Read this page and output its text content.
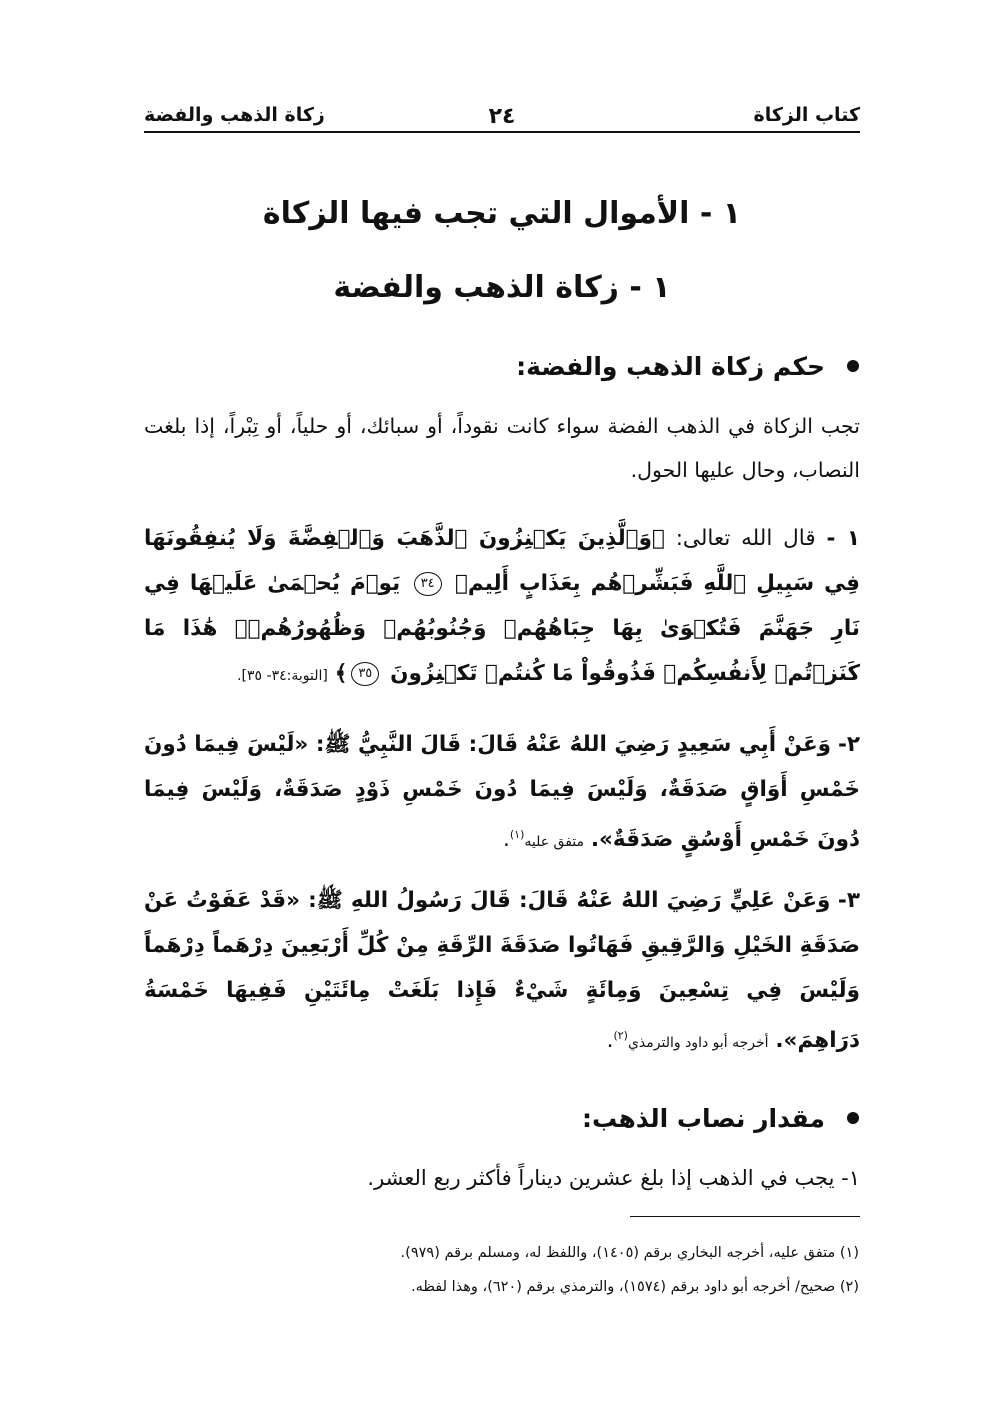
كتاب الزكاة
٢٤
زكاة الذهب والفضة
١ - الأموال التي تجب فيها الزكاة
١ - زكاة الذهب والفضة
حكم زكاة الذهب والفضة:
تجب الزكاة في الذهب الفضة سواء كانت نقوداً، أو سبائك، أو حلياً، أو تِبْراً، إذا بلغت النصاب، وحال عليها الحول.
١ - قال الله تعالى: ﴿وَٱلَّذِينَ يَكۡنِزُونَ ٱلذَّهَبَ وَٱلۡفِضَّةَ وَلَا يُنفِقُونَهَا فِي سَبِيلِ ٱللَّهِ فَبَشِّرۡهُم بِعَذَابٍ أَلِيمٖ ٣٤ يَوۡمَ يُحۡمَىٰ عَلَيۡهَا فِي نَارِ جَهَنَّمَ فَتُكۡوَىٰ بِهَا جِبَاهُهُمۡ وَجُنُوبُهُمۡ وَظُهُورُهُمۡۖ هَٰذَا مَا كَنَزۡتُمۡ لِأَنفُسِكُمۡ فَذُوقُواْ مَا كُنتُمۡ تَكۡنِزُونَ ٣٥﴾ [التوبة:٣٤- ٣٥].
٢- وَعَنْ أَبِي سَعِيدٍ رَضِيَ اللهُ عَنْهُ قَالَ: قَالَ النَّبِيُّ ﷺ: «لَيْسَ فِيمَا دُونَ خَمْسِ أَوَاقٍ صَدَقَةٌ، وَلَيْسَ فِيمَا دُونَ خَمْسِ ذَوْدٍ صَدَقَةٌ، وَلَيْسَ فِيمَا دُونَ خَمْسِ أَوْسُقٍ صَدَقَةٌ». متفق عليه$^{(١)}$.
٣- وَعَنْ عَلِيٍّ رَضِيَ اللهُ عَنْهُ قَالَ: قَالَ رَسُولُ اللهِ ﷺ: «قَدْ عَفَوْتُ عَنْ صَدَقَةِ الخَيْلِ وَالرَّقِيقِ فَهَاتُوا صَدَقَةَ الرِّقَةِ مِنْ كُلِّ أَرْبَعِينَ دِرْهَماً دِرْهَماً وَلَيْسَ فِي تِسْعِينَ وَمِائَةٍ شَيْءٌ فَإِذا بَلَغَتْ مِائَتَيْنِ فَفِيهَا خَمْسَةُ دَرَاهِمَ». أخرجه أبو داود والترمذي$^{(٢)}$.
مقدار نصاب الذهب:
١- يجب في الذهب إذا بلغ عشرين ديناراً فأكثر ربع العشر.
(١) متفق عليه، أخرجه البخاري برقم (١٤٠٥)، واللفظ له، ومسلم برقم (٩٧٩).
(٢) صحيح/ أخرجه أبو داود برقم (١٥٧٤)، والترمذي برقم (٦٢٠)، وهذا لفظه.
